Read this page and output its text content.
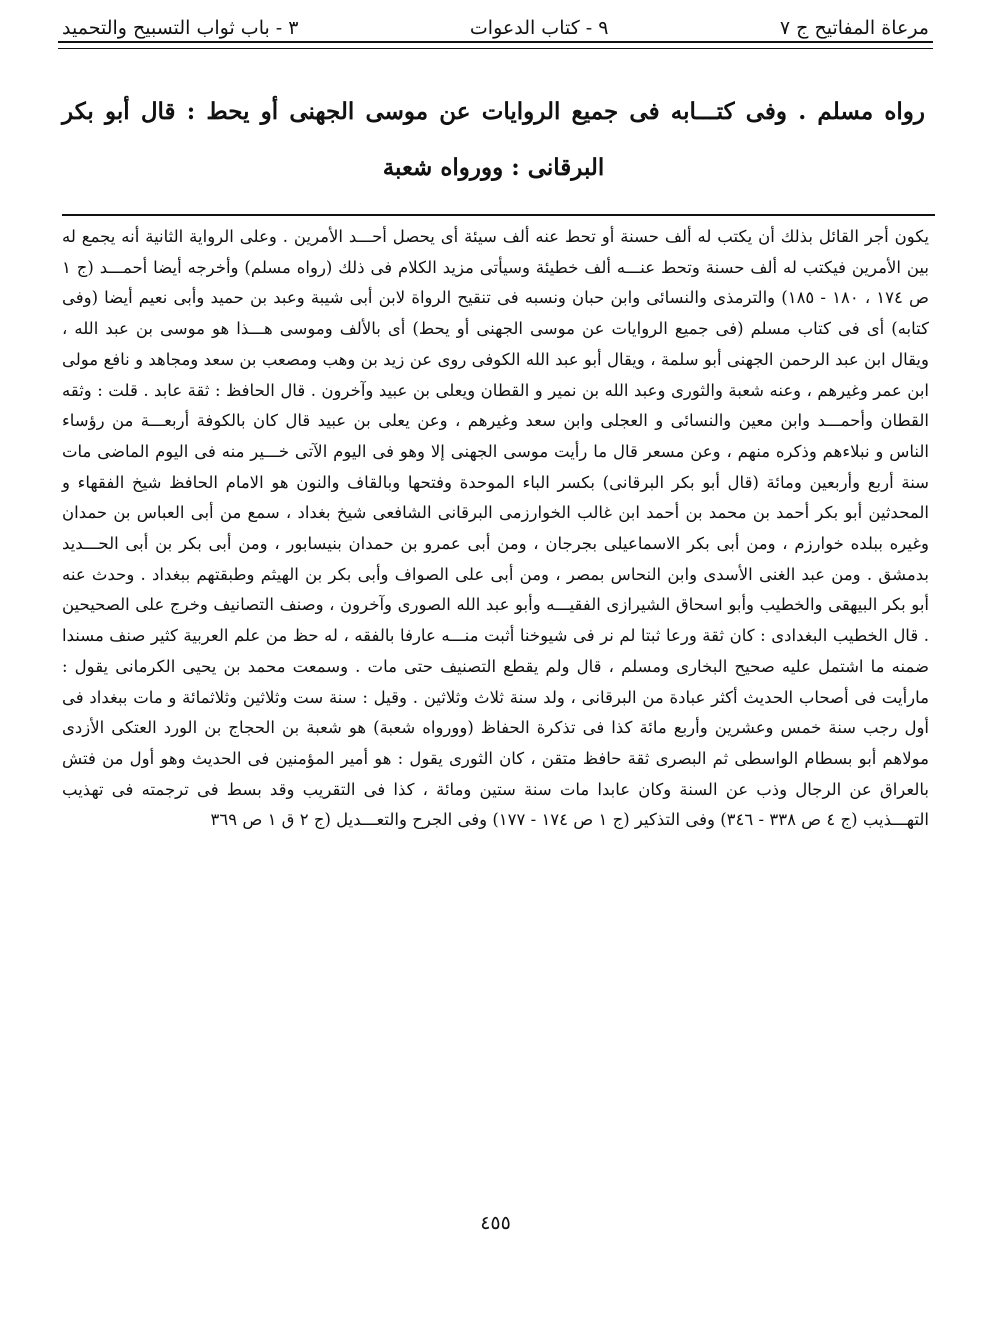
مرعاة المفاتيح ج ٧
٩ - كتاب الدعوات
٣ - باب ثواب التسبيح والتحميد

رواه مسلم . وفى كتـــابه فى جميع الروايات عن موسى الجهنى أو يحط : قال أبو بكر البرقانى : وورواه شعبة

يكون أجر القائل بذلك أن يكتب له ألف حسنة أو تحط عنه ألف سيئة أى يحصل أحـــد الأمرين . وعلى الرواية الثانية أنه يجمع له بين الأمرين فيكتب له ألف حسنة وتحط عنـــه ألف خطيئة وسيأتى مزيد الكلام فى ذلك (رواه مسلم) وأخرجه أيضا أحمـــد (ج ١ ص ١٧٤ ، ١٨٠ - ١٨٥) والترمذى والنسائى وابن حبان ونسبه فى تنقيح الرواة لابن أبى شيبة وعبد بن حميد وأبى نعيم أيضا (وفى كتابه) أى فى كتاب مسلم (فى جميع الروايات عن موسى الجهنى أو يحط) أى بالألف وموسى هـــذا هو موسى بن عبد الله ، ويقال ابن عبد الرحمن الجهنى أبو سلمة ، ويقال أبو عبد الله الكوفى روى عن زيد بن وهب ومصعب بن سعد ومجاهد و نافع مولى ابن عمر وغيرهم ، وعنه شعبة والثورى وعبد الله بن نمير و القطان ويعلى بن عبيد وآخرون . قال الحافظ : ثقة عابد . قلت : وثقه القطان وأحمـــد وابن معين والنسائى و العجلى وابن سعد وغيرهم ، وعن يعلى بن عبيد قال كان بالكوفة أربعـــة من رؤساء الناس و نبلاءهم وذكره منهم ، وعن مسعر قال ما رأيت موسى الجهنى إلا وهو فى اليوم الآتى خـــير منه فى اليوم الماضى مات سنة أربع وأربعين ومائة (قال أبو بكر البرقانى) بكسر الباء الموحدة وفتحها وبالقاف والنون هو الامام الحافظ شيخ الفقهاء و المحدثين أبو بكر أحمد بن محمد بن أحمد ابن غالب الخوارزمى البرقانى الشافعى شيخ بغداد ، سمع من أبى العباس بن حمدان وغيره ببلده خوارزم ، ومن أبى بكر الاسماعيلى بجرجان ، ومن أبى عمرو بن حمدان بنيسابور ، ومن أبى بكر بن أبى الحـــديد بدمشق . ومن عبد الغنى الأسدى وابن النحاس بمصر ، ومن أبى على الصواف وأبى بكر بن الهيثم وطبقتهم ببغداد . وحدث عنه أبو بكر البيهقى والخطيب وأبو اسحاق الشيرازى الفقيـــه وأبو عبد الله الصورى وآخرون ، وصنف التصانيف وخرج على الصحيحين . قال الخطيب البغدادى : كان ثقة ورعا ثبتا لم نر فى شيوخنا أثبت منـــه عارفا بالفقه ، له حظ من علم العربية كثير صنف مسندا ضمنه ما اشتمل عليه صحيح البخارى ومسلم ، قال ولم يقطع التصنيف حتى مات . وسمعت محمد بن يحيى الكرمانى يقول : مارأيت فى أصحاب الحديث أكثر عبادة من البرقانى ، ولد سنة ثلاث وثلاثين . وقيل : سنة ست وثلاثين وثلاثمائة و مات ببغداد فى أول رجب سنة خمس وعشرين وأربع مائة كذا فى تذكرة الحفاظ (وورواه شعبة) هو شعبة بن الحجاج بن الورد العتكى الأزدى مولاهم أبو بسطام الواسطى ثم البصرى ثقة حافظ متقن ، كان الثورى يقول : هو أمير المؤمنين فى الحديث وهو أول من فتش بالعراق عن الرجال وذب عن السنة وكان عابدا مات سنة ستين ومائة ، كذا فى التقريب وقد بسط فى ترجمته فى تهذيب التهـــذيب (ج ٤ ص ٣٣٨ - ٣٤٦) وفى التذكير (ج ١ ص ١٧٤ - ١٧٧) وفى الجرح والتعـــديل (ج ٢ ق ١ ص ٣٦٩

٤٥٥
